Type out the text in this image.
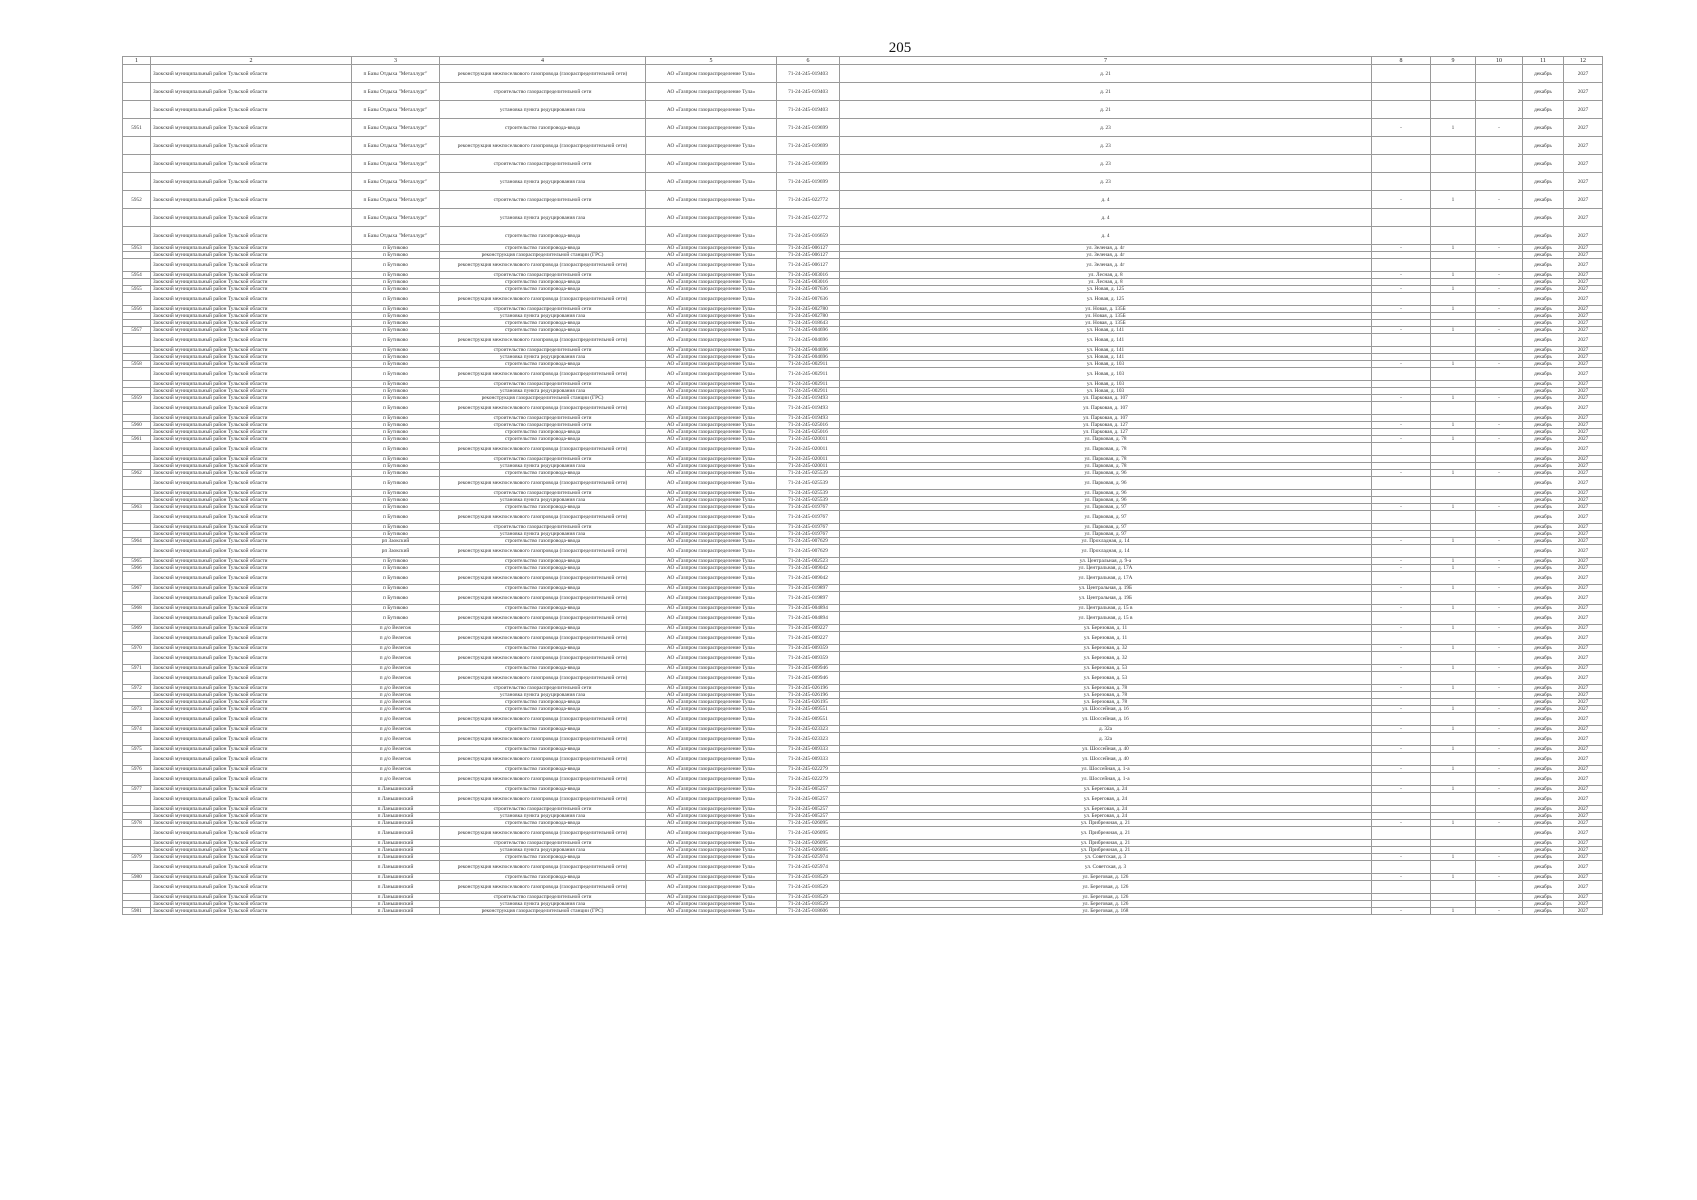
205
1	2	3	4	5	6	7	8	9	10	11	12
	Заокский муниципальный район Тульской области	п Базы Отдыха "Металлург"	реконструкция межпоселкового газопровода (газораспределительной сети)	АО «Газпром газораспределение Тула»	71-24-245-019403	д. 21				декабрь	2027
	Заокский муниципальный район Тульской области	п Базы Отдыха "Металлург"	строительство газораспределительной сети	АО «Газпром газораспределение Тула»	71-24-245-019403	д. 21				декабрь	2027
	Заокский муниципальный район Тульской области	п Базы Отдыха "Металлург"	установка пункта редуцирования газа	АО «Газпром газораспределение Тула»	71-24-245-019403	д. 21				декабрь	2027
5951	Заокский муниципальный район Тульской области	п Базы Отдыха "Металлург"	строительство газопровода-ввода	АО «Газпром газораспределение Тула»	71-24-245-019699	д. 23	-	1	-	декабрь	2027
	Заокский муниципальный район Тульской области	п Базы Отдыха "Металлург"	реконструкция межпоселкового газопровода (газораспределительной сети)	АО «Газпром газораспределение Тула»	71-24-245-019699	д. 23				декабрь	2027
	Заокский муниципальный район Тульской области	п Базы Отдыха "Металлург"	строительство газораспределительной сети	АО «Газпром газораспределение Тула»	71-24-245-019699	д. 23				декабрь	2027
	Заокский муниципальный район Тульской области	п Базы Отдыха "Металлург"	установка пункта редуцирования газа	АО «Газпром газораспределение Тула»	71-24-245-019699	д. 23				декабрь	2027
5952	Заокский муниципальный район Тульской области	п Базы Отдыха "Металлург"	строительство газораспределительной сети	АО «Газпром газораспределение Тула»	71-24-245-022772	д. 4	-	1	-	декабрь	2027
	Заокский муниципальный район Тульской области	п Базы Отдыха "Металлург"	установка пункта редуцирования газа	АО «Газпром газораспределение Тула»	71-24-245-022772	д. 4				декабрь	2027
	Заокский муниципальный район Тульской области	п Базы Отдыха "Металлург"	строительство газопровода-ввода	АО «Газпром газораспределение Тула»	71-24-245-016659	д. 4				декабрь	2027
5953	Заокский муниципальный район Тульской области	п Бутиково	строительство газопровода-ввода	АО «Газпром газораспределение Тула»	71-24-245-006127	ул. Зеленая, д. 4г	-	1	-	декабрь	2027
	Заокский муниципальный район Тульской области	п Бутиково	реконструкция газораспределительной станции (ГРС)	АО «Газпром газораспределение Тула»	71-24-245-006127	ул. Зеленая, д. 4г				декабрь	2027
	Заокский муниципальный район Тульской области	п Бутиково	реконструкция межпоселкового газопровода (газораспределительной сети)	АО «Газпром газораспределение Тула»	71-24-245-006127	ул. Зеленая, д. 4г				декабрь	2027
5954	Заокский муниципальный район Тульской области	п Бутиково	строительство газораспределительной сети	АО «Газпром газораспределение Тула»	71-24-245-003016	ул. Лесная, д. 8	-	1	-	декабрь	2027
	Заокский муниципальный район Тульской области	п Бутиково	строительство газопровода-ввода	АО «Газпром газораспределение Тула»	71-24-245-003016	ул. Лесная, д. 8				декабрь	2027
5955	Заокский муниципальный район Тульской области	п Бутиково	строительство газопровода-ввода	АО «Газпром газораспределение Тула»	71-24-245-007636	ул. Новая, д. 125	-	1	-	декабрь	2027
	Заокский муниципальный район Тульской области	п Бутиково	реконструкция межпоселкового газопровода (газораспределительной сети)	АО «Газпром газораспределение Тула»	71-24-245-007636	ул. Новая, д. 125				декабрь	2027
5956	Заокский муниципальный район Тульской области	п Бутиково	строительство газораспределительной сети	АО «Газпром газораспределение Тула»	71-24-245-002780	ул. Новая, д. 135Б	-	1	-	декабрь	2027
	Заокский муниципальный район Тульской области	п Бутиково	установка пункта редуцирования газа	АО «Газпром газораспределение Тула»	71-24-245-002780	ул. Новая, д. 135Б				декабрь	2027
	Заокский муниципальный район Тульской области	п Бутиково	строительство газопровода-ввода	АО «Газпром газораспределение Тула»	71-24-245-018643	ул. Новая, д. 135Б				декабрь	2027
5957	Заокский муниципальный район Тульской области	п Бутиково	строительство газопровода-ввода	АО «Газпром газораспределение Тула»	71-24-245-004696	ул. Новая, д. 141	-	1	-	декабрь	2027
	Заокский муниципальный район Тульской области	п Бутиково	реконструкция межпоселкового газопровода (газораспределительной сети)	АО «Газпром газораспределение Тула»	71-24-245-004696	ул. Новая, д. 141				декабрь	2027
	Заокский муниципальный район Тульской области	п Бутиково	строительство газораспределительной сети	АО «Газпром газораспределение Тула»	71-24-245-004696	ул. Новая, д. 141				декабрь	2027
	Заокский муниципальный район Тульской области	п Бутиково	установка пункта редуцирования газа	АО «Газпром газораспределение Тула»	71-24-245-004696	ул. Новая, д. 141				декабрь	2027
5958	Заокский муниципальный район Тульской области	п Бутиково	строительство газопровода-ввода	АО «Газпром газораспределение Тула»	71-24-245-002911	ул. Новая, д. 103	-	1	-	декабрь	2027
	Заокский муниципальный район Тульской области	п Бутиково	реконструкция межпоселкового газопровода (газораспределительной сети)	АО «Газпром газораспределение Тула»	71-24-245-002911	ул. Новая, д. 103				декабрь	2027
	Заокский муниципальный район Тульской области	п Бутиково	строительство газораспределительной сети	АО «Газпром газораспределение Тула»	71-24-245-002911	ул. Новая, д. 103				декабрь	2027
	Заокский муниципальный район Тульской области	п Бутиково	установка пункта редуцирования газа	АО «Газпром газораспределение Тула»	71-24-245-002911	ул. Новая, д. 103				декабрь	2027
5959	Заокский муниципальный район Тульской области	п Бутиково	реконструкция газораспределительной станции (ГРС)	АО «Газпром газораспределение Тула»	71-24-245-019493	ул. Парковая, д. 107	-	1	-	декабрь	2027
	Заокский муниципальный район Тульской области	п Бутиково	реконструкция межпоселкового газопровода (газораспределительной сети)	АО «Газпром газораспределение Тула»	71-24-245-019493	ул. Парковая, д. 107				декабрь	2027
	Заокский муниципальный район Тульской области	п Бутиково	строительство газораспределительной сети	АО «Газпром газораспределение Тула»	71-24-245-019493	ул. Парковая, д. 107				декабрь	2027
5960	Заокский муниципальный район Тульской области	п Бутиково	строительство газораспределительной сети	АО «Газпром газораспределение Тула»	71-24-245-025016	ул. Парковая, д. 127	-	1	-	декабрь	2027
	Заокский муниципальный район Тульской области	п Бутиково	строительство газопровода-ввода	АО «Газпром газораспределение Тула»	71-24-245-025016	ул. Парковая, д. 127				декабрь	2027
5961	Заокский муниципальный район Тульской области	п Бутиково	строительство газопровода-ввода	АО «Газпром газораспределение Тула»	71-24-245-020011	ул. Парковая, д. 78	-	1	-	декабрь	2027
	Заокский муниципальный район Тульской области	п Бутиково	реконструкция межпоселкового газопровода (газораспределительной сети)	АО «Газпром газораспределение Тула»	71-24-245-020011	ул. Парковая, д. 78				декабрь	2027
	Заокский муниципальный район Тульской области	п Бутиково	строительство газораспределительной сети	АО «Газпром газораспределение Тула»	71-24-245-020011	ул. Парковая, д. 78				декабрь	2027
	Заокский муниципальный район Тульской области	п Бутиково	установка пункта редуцирования газа	АО «Газпром газораспределение Тула»	71-24-245-020011	ул. Парковая, д. 78				декабрь	2027
5962	Заокский муниципальный район Тульской области	п Бутиково	строительство газопровода-ввода	АО «Газпром газораспределение Тула»	71-24-245-025539	ул. Парковая, д. 96	-	1	-	декабрь	2027
	Заокский муниципальный район Тульской области	п Бутиково	реконструкция межпоселкового газопровода (газораспределительной сети)	АО «Газпром газораспределение Тула»	71-24-245-025539	ул. Парковая, д. 96				декабрь	2027
	Заокский муниципальный район Тульской области	п Бутиково	строительство газораспределительной сети	АО «Газпром газораспределение Тула»	71-24-245-025539	ул. Парковая, д. 96				декабрь	2027
	Заокский муниципальный район Тульской области	п Бутиково	установка пункта редуцирования газа	АО «Газпром газораспределение Тула»	71-24-245-025539	ул. Парковая, д. 96				декабрь	2027
5963	Заокский муниципальный район Тульской области	п Бутиково	строительство газопровода-ввода	АО «Газпром газораспределение Тула»	71-24-245-019767	ул. Парковая, д. 97	-	1	-	декабрь	2027
	Заокский муниципальный район Тульской области	п Бутиково	реконструкция межпоселкового газопровода (газораспределительной сети)	АО «Газпром газораспределение Тула»	71-24-245-019767	ул. Парковая, д. 97				декабрь	2027
	Заокский муниципальный район Тульской области	п Бутиково	строительство газораспределительной сети	АО «Газпром газораспределение Тула»	71-24-245-019767	ул. Парковая, д. 97				декабрь	2027
	Заокский муниципальный район Тульской области	п Бутиково	установка пункта редуцирования газа	АО «Газпром газораспределение Тула»	71-24-245-019767	ул. Парковая, д. 97				декабрь	2027
5964	Заокский муниципальный район Тульской области	рп Заокский	строительство газопровода-ввода	АО «Газпром газораспределение Тула»	71-24-245-007629	ул. Прохладная, д. 14	-	1	-	декабрь	2027
	Заокский муниципальный район Тульской области	рп Заокский	реконструкция межпоселкового газопровода (газораспределительной сети)	АО «Газпром газораспределение Тула»	71-24-245-007629	ул. Прохладная, д. 14				декабрь	2027
5965	Заокский муниципальный район Тульской области	п Бутиково	строительство газопровода-ввода	АО «Газпром газораспределение Тула»	71-24-245-002523	ул. Центральная, д. 9-а	-	1	-	декабрь	2027
5966	Заокский муниципальный район Тульской области	п Бутиково	строительство газопровода-ввода	АО «Газпром газораспределение Тула»	71-24-245-009042	ул. Центральная, д. 17А	-	1	-	декабрь	2027
	Заокский муниципальный район Тульской области	п Бутиково	реконструкция межпоселкового газопровода (газораспределительной сети)	АО «Газпром газораспределение Тула»	71-24-245-009042	ул. Центральная, д. 17А				декабрь	2027
5967	Заокский муниципальный район Тульской области	п Бутиково	строительство газопровода-ввода	АО «Газпром газораспределение Тула»	71-24-245-019897	ул. Центральная, д. 19Б	-	1	-	декабрь	2027
	Заокский муниципальный район Тульской области	п Бутиково	реконструкция межпоселкового газопровода (газораспределительной сети)	АО «Газпром газораспределение Тула»	71-24-245-019897	ул. Центральная, д. 19Б				декабрь	2027
5968	Заокский муниципальный район Тульской области	п Бутиково	строительство газопровода-ввода	АО «Газпром газораспределение Тула»	71-24-245-004894	ул. Центральная, д. 15 в	-	1	-	декабрь	2027
	Заокский муниципальный район Тульской области	п Бутиково	реконструкция межпоселкового газопровода (газораспределительной сети)	АО «Газпром газораспределение Тула»	71-24-245-004894	ул. Центральная, д. 15 в				декабрь	2027
5969	Заокский муниципальный район Тульской области	п д/о Велегож	строительство газопровода-ввода	АО «Газпром газораспределение Тула»	71-24-245-009227	ул. Березовая, д. 11	-	1	-	декабрь	2027
	Заокский муниципальный район Тульской области	п д/о Велегож	реконструкция межпоселкового газопровода (газораспределительной сети)	АО «Газпром газораспределение Тула»	71-24-245-009227	ул. Березовая, д. 11				декабрь	2027
5970	Заокский муниципальный район Тульской области	п д/о Велегож	строительство газопровода-ввода	АО «Газпром газораспределение Тула»	71-24-245-009359	ул. Березовая, д. 32	-	1	-	декабрь	2027
	Заокский муниципальный район Тульской области	п д/о Велегож	реконструкция межпоселкового газопровода (газораспределительной сети)	АО «Газпром газораспределение Тула»	71-24-245-009359	ул. Березовая, д. 32				декабрь	2027
5971	Заокский муниципальный район Тульской области	п д/о Велегож	строительство газопровода-ввода	АО «Газпром газораспределение Тула»	71-24-245-009946	ул. Березовая, д. 53	-	1	-	декабрь	2027
	Заокский муниципальный район Тульской области	п д/о Велегож	реконструкция межпоселкового газопровода (газораспределительной сети)	АО «Газпром газораспределение Тула»	71-24-245-009946	ул. Березовая, д. 53				декабрь	2027
5972	Заокский муниципальный район Тульской области	п д/о Велегож	строительство газораспределительной сети	АО «Газпром газораспределение Тула»	71-24-245-026196	ул. Березовая, д. 78	-	1	-	декабрь	2027
	Заокский муниципальный район Тульской области	п д/о Велегож	установка пункта редуцирования газа	АО «Газпром газораспределение Тула»	71-24-245-026196	ул. Березовая, д. 78				декабрь	2027
	Заокский муниципальный район Тульской области	п д/о Велегож	строительство газопровода-ввода	АО «Газпром газораспределение Тула»	71-24-245-026195	ул. Березовая, д. 78				декабрь	2027
5973	Заокский муниципальный район Тульской области	п д/о Велегож	строительство газопровода-ввода	АО «Газпром газораспределение Тула»	71-24-245-009551	ул. Шоссейная, д. 16	-	1	-	декабрь	2027
	Заокский муниципальный район Тульской области	п д/о Велегож	реконструкция межпоселкового газопровода (газораспределительной сети)	АО «Газпром газораспределение Тула»	71-24-245-009551	ул. Шоссейная, д. 16				декабрь	2027
5974	Заокский муниципальный район Тульской области	п д/о Велегож	строительство газопровода-ввода	АО «Газпром газораспределение Тула»	71-24-245-023323	д. 32а	-	1	-	декабрь	2027
	Заокский муниципальный район Тульской области	п д/о Велегож	реконструкция межпоселкового газопровода (газораспределительной сети)	АО «Газпром газораспределение Тула»	71-24-245-023323	д. 32а				декабрь	2027
5975	Заокский муниципальный район Тульской области	п д/о Велегож	строительство газопровода-ввода	АО «Газпром газораспределение Тула»	71-24-245-009333	ул. Шоссейная, д. 40	-	1	-	декабрь	2027
	Заокский муниципальный район Тульской области	п д/о Велегож	реконструкция межпоселкового газопровода (газораспределительной сети)	АО «Газпром газораспределение Тула»	71-24-245-009333	ул. Шоссейная, д. 40				декабрь	2027
5976	Заокский муниципальный район Тульской области	п д/о Велегож	строительство газопровода-ввода	АО «Газпром газораспределение Тула»	71-24-245-022279	ул. Шоссейная, д. 1-а	-	1	-	декабрь	2027
	Заокский муниципальный район Тульской области	п д/о Велегож	реконструкция межпоселкового газопровода (газораспределительной сети)	АО «Газпром газораспределение Тула»	71-24-245-022279	ул. Шоссейная, д. 1-а				декабрь	2027
5977	Заокский муниципальный район Тульской области	п Ланьшинский	строительство газопровода-ввода	АО «Газпром газораспределение Тула»	71-24-245-005257	ул. Береговая, д. 24	-	1	-	декабрь	2027
	Заокский муниципальный район Тульской области	п Ланьшинский	реконструкция межпоселкового газопровода (газораспределительной сети)	АО «Газпром газораспределение Тула»	71-24-245-005257	ул. Береговая, д. 24				декабрь	2027
	Заокский муниципальный район Тульской области	п Ланьшинский	строительство газораспределительной сети	АО «Газпром газораспределение Тула»	71-24-245-005257	ул. Береговая, д. 24				декабрь	2027
	Заокский муниципальный район Тульской области	п Ланьшинский	установка пункта редуцирования газа	АО «Газпром газораспределение Тула»	71-24-245-005257	ул. Береговая, д. 24				декабрь	2027
5978	Заокский муниципальный район Тульской области	п Ланьшинский	строительство газопровода-ввода	АО «Газпром газораспределение Тула»	71-24-245-026095	ул. Прибрежная, д. 21	-	1	-	декабрь	2027
	Заокский муниципальный район Тульской области	п Ланьшинский	реконструкция межпоселкового газопровода (газораспределительной сети)	АО «Газпром газораспределение Тула»	71-24-245-026095	ул. Прибрежная, д. 21				декабрь	2027
	Заокский муниципальный район Тульской области	п Ланьшинский	строительство газораспределительной сети	АО «Газпром газораспределение Тула»	71-24-245-026095	ул. Прибрежная, д. 21				декабрь	2027
	Заокский муниципальный район Тульской области	п Ланьшинский	установка пункта редуцирования газа	АО «Газпром газораспределение Тула»	71-24-245-026095	ул. Прибрежная, д. 21				декабрь	2027
5979	Заокский муниципальный район Тульской области	п Ланьшинский	строительство газопровода-ввода	АО «Газпром газораспределение Тула»	71-24-245-025974	ул. Советская, д. 3	-	1	-	декабрь	2027
	Заокский муниципальный район Тульской области	п Ланьшинский	реконструкция межпоселкового газопровода (газораспределительной сети)	АО «Газпром газораспределение Тула»	71-24-245-025974	ул. Советская, д. 3				декабрь	2027
5980	Заокский муниципальный район Тульской области	п Ланьшинский	строительство газопровода-ввода	АО «Газпром газораспределение Тула»	71-24-245-018529	ул. Береговая, д. 126	-	1	-	декабрь	2027
	Заокский муниципальный район Тульской области	п Ланьшинский	реконструкция межпоселкового газопровода (газораспределительной сети)	АО «Газпром газораспределение Тула»	71-24-245-018529	ул. Береговая, д. 126				декабрь	2027
	Заокский муниципальный район Тульской области	п Ланьшинский	строительство газораспределительной сети	АО «Газпром газораспределение Тула»	71-24-245-018529	ул. Береговая, д. 126				декабрь	2027
	Заокский муниципальный район Тульской области	п Ланьшинский	установка пункта редуцирования газа	АО «Газпром газораспределение Тула»	71-24-245-018529	ул. Береговая, д. 126				декабрь	2027
5981	Заокский муниципальный район Тульской области	п Ланьшинский	реконструкция газораспределительной станции (ГРС)	АО «Газпром газораспределение Тула»	71-24-245-018606	ул. Береговая, д. 168	-	1	-	декабрь	2027
